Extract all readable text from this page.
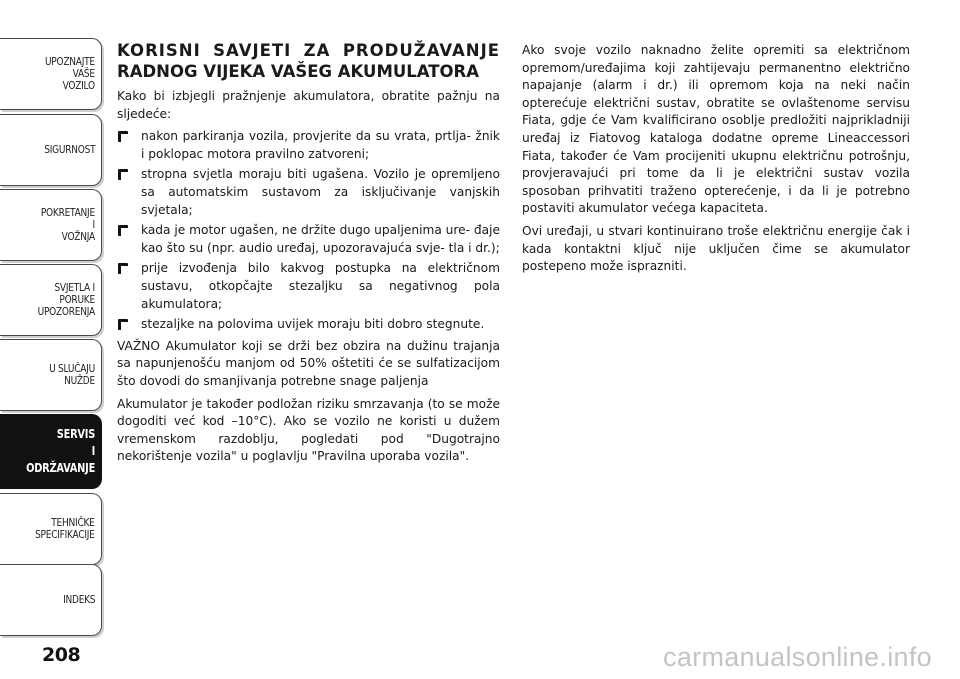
UPOZNAJTE
VAŠE
VOZILO
SIGURNOST
POKRETANJE
I
VOŽNJA
SVJETLA I
PORUKE
UPOZORENJA
U SLUČAJU
NUŽDE
SERVIS
I
ODRŽAVANJE
TEHNIČKE
SPECIFIKACIJE
INDEKS
208
KORISNI SAVJETI ZA PRODUŽAVANJE
RADNOG VIJEKA VAŠEG AKUMULATORA

Kako bi izbjegli pražnjenje akumulatora, obratite pažnju na sljedeće:

nakon parkiranja vozila, provjerite da su vrata, prtlja- žnik i poklopac motora pravilno zatvoreni;
stropna svjetla moraju biti ugašena. Vozilo je opremljeno sa automatskim sustavom za isključivanje vanjskih svjetala;
kada je motor ugašen, ne držite dugo upaljenima ure- đaje kao što su (npr. audio uređaj, upozoravajuća svje- tla i dr.);
prije izvođenja bilo kakvog postupka na električnom sustavu, otkopčajte stezaljku sa negativnog pola akumulatora;
stezaljke na polovima uvijek moraju biti dobro stegnute.

VAŽNO Akumulator koji se drži bez obzira na dužinu trajanja sa napunjenošću manjom od 50% oštetiti će se sulfatizacijom što dovodi do smanjivanja potrebne snage paljenja

Akumulator je također podložan riziku smrzavanja (to se može dogoditi već kod –10°C). Ako se vozilo ne koristi u dužem vremenskom razdoblju, pogledati pod "Dugotrajno nekorištenje vozila" u poglavlju "Pravilna uporaba vozila".

Ako svoje vozilo naknadno želite opremiti sa električnom opremom/uređajima koji zahtijevaju permanentno električno napajanje (alarm i dr.) ili opremom koja na neki način opterećuje električni sustav, obratite se ovlaštenome servisu Fiata, gdje će Vam kvalificirano osoblje predložiti najprikladniji uređaj iz Fiatovog kataloga dodatne opreme Lineaccessori Fiata, također će Vam procijeniti ukupnu električnu potrošnju, provjeravajući pri tome da li je električni sustav vozila sposoban prihvatiti traženo opterećenje, i da li je potrebno postaviti akumulator većega kapaciteta.

Ovi uređaji, u stvari kontinuirano troše električnu energije čak i kada kontaktni ključ nije uključen čime se akumulator postepeno može isprazniti.

carmanualsonline.info
